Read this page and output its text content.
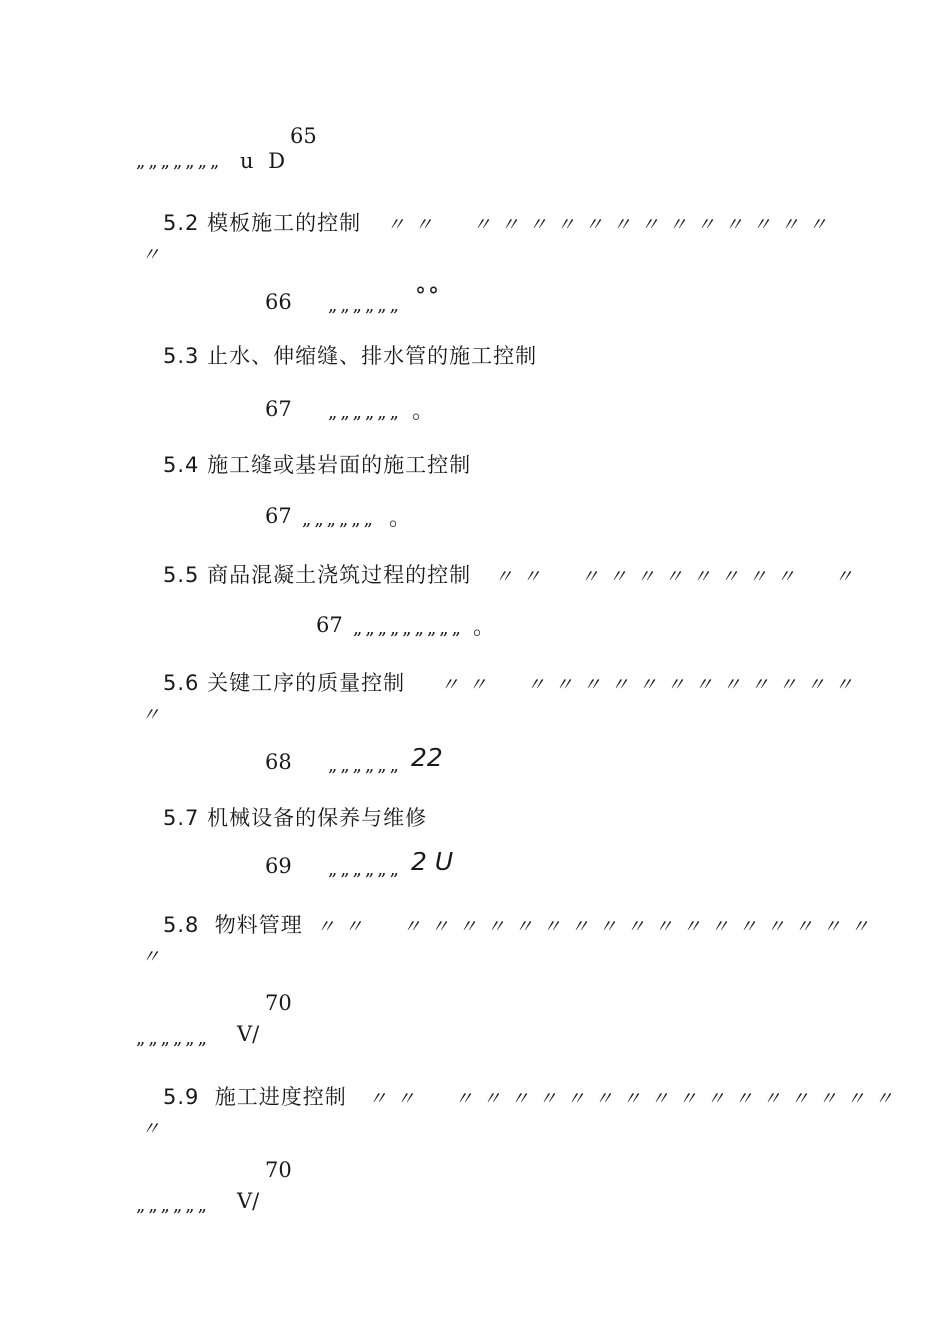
65
„„„„„„„ u D
5.2 模板施工的控制 〃〃  〃〃〃〃〃〃〃〃〃〃〃〃〃
〃
66 „„„„„„ °°
5.3 止水、伸缩缝、排水管的施工控制
67 „„„„„„ 。
5.4 施工缝或基岩面的施工控制
67 „„„„„„ 。
5.5 商品混凝土浇筑过程的控制 〃〃  〃〃〃〃〃〃〃〃  〃
67 „„„„„„„„„ 。
5.6 关键工序的质量控制 〃〃  〃〃〃〃〃〃〃〃〃〃〃〃
〃
68 „„„„„„ 22
5.7 机械设备的保养与维修
69 „„„„„„ 2 U
5.8  物料管理 〃〃  〃〃〃〃〃〃〃〃〃〃〃〃〃〃〃〃〃
〃
70
„„„„„„ V/
5.9  施工进度控制 〃〃  〃〃〃〃〃〃〃〃〃〃〃〃〃〃〃〃
〃
70
„„„„„„ V/
